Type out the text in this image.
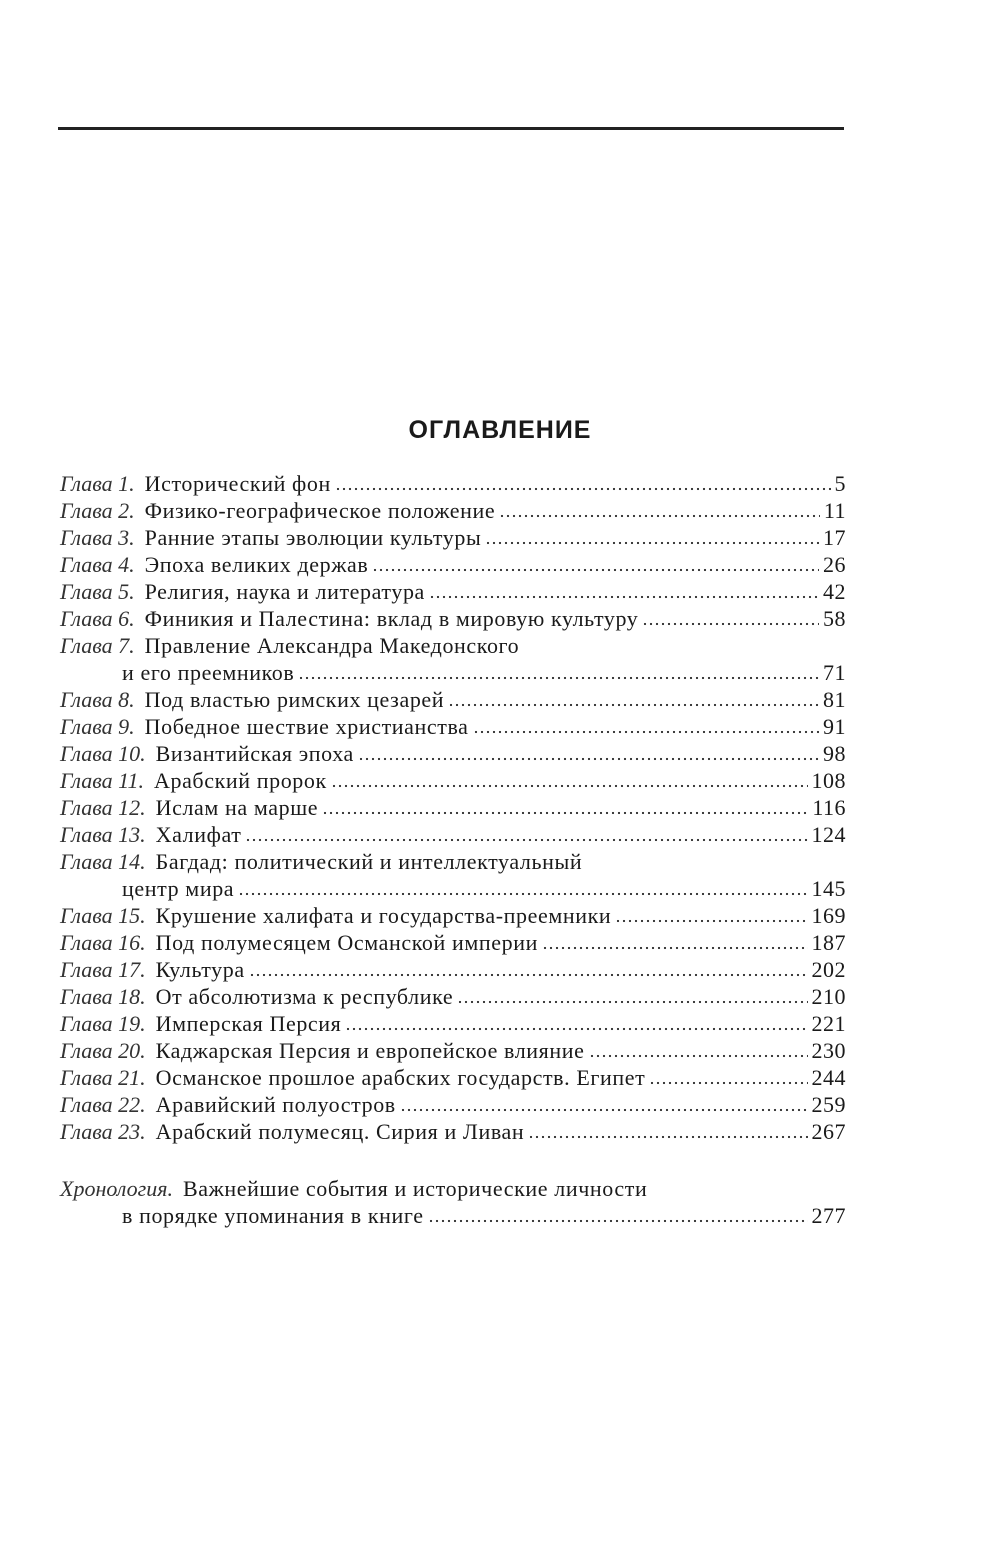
ОГЛАВЛЕНИЕ
Глава 1. Исторический фон	5
Глава 2. Физико-географическое положение	11
Глава 3. Ранние этапы эволюции культуры	17
Глава 4. Эпоха великих держав	26
Глава 5. Религия, наука и литература	42
Глава 6. Финикия и Палестина: вклад в мировую культуру	58
Глава 7. Правление Александра Македонского
и его преемников	71
Глава 8. Под властью римских цезарей	81
Глава 9. Победное шествие христианства	91
Глава 10. Византийская эпоха	98
Глава 11. Арабский пророк	108
Глава 12. Ислам на марше	116
Глава 13. Халифат	124
Глава 14. Багдад: политический и интеллектуальный
центр мира	145
Глава 15. Крушение халифата и государства-преемники	169
Глава 16. Под полумесяцем Османской империи	187
Глава 17. Культура	202
Глава 18. От абсолютизма к республике	210
Глава 19. Имперская Персия	221
Глава 20. Каджарская Персия и европейское влияние	230
Глава 21. Османское прошлое арабских государств. Египет	244
Глава 22. Аравийский полуостров	259
Глава 23. Арабский полумесяц. Сирия и Ливан	267
Хронология. Важнейшие события и исторические личности
в порядке упоминания в книге	277
